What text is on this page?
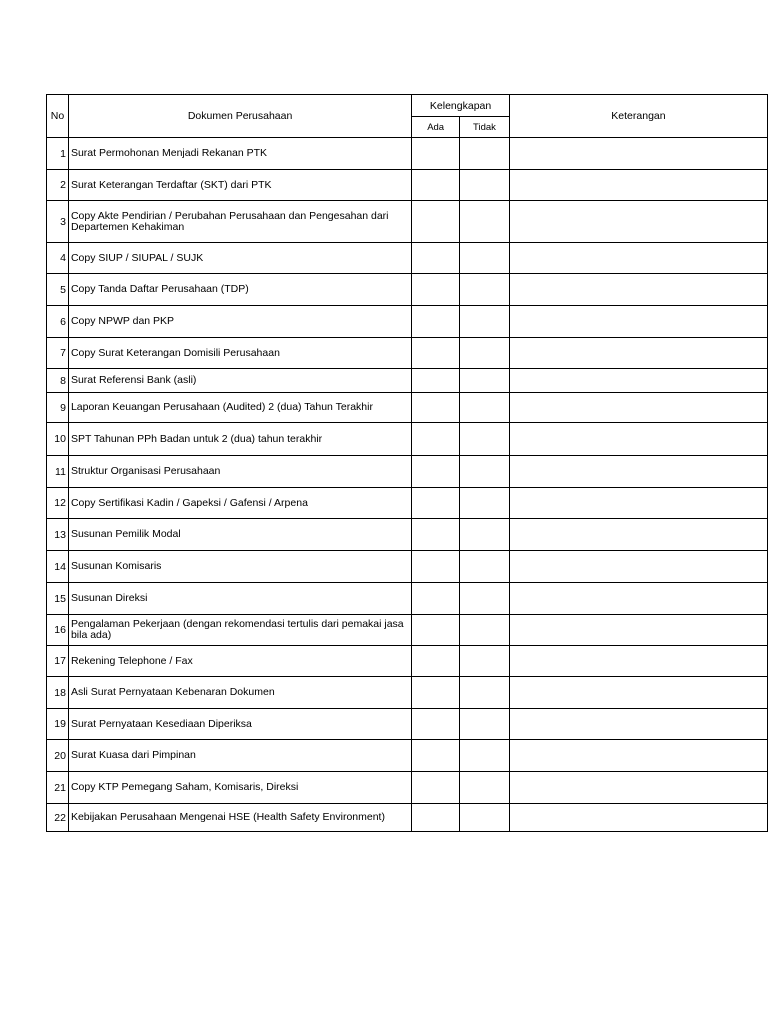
No	Dokumen Perusahaan	Kelengkapan		Keterangan
		Ada	Tidak	
1	Surat Permohonan Menjadi Rekanan PTK			
2	Surat Keterangan Terdaftar (SKT) dari PTK			
3	Copy Akte Pendirian / Perubahan Perusahaan dan Pengesahan dari Departemen Kehakiman			
4	Copy SIUP / SIUPAL / SUJK			
5	Copy Tanda Daftar Perusahaan (TDP)			
6	Copy NPWP dan PKP			
7	Copy Surat Keterangan Domisili Perusahaan			
8	Surat Referensi Bank (asli)			
9	Laporan Keuangan Perusahaan (Audited) 2 (dua) Tahun Terakhir			
10	SPT Tahunan PPh Badan untuk 2 (dua) tahun terakhir			
11	Struktur Organisasi Perusahaan			
12	Copy Sertifikasi Kadin / Gapeksi / Gafensi / Arpena			
13	Susunan Pemilik Modal			
14	Susunan Komisaris			
15	Susunan Direksi			
16	Pengalaman Pekerjaan (dengan rekomendasi tertulis dari pemakai jasa bila ada)			
17	Rekening Telephone / Fax			
18	Asli Surat Pernyataan Kebenaran Dokumen			
19	Surat Pernyataan Kesediaan Diperiksa			
20	Surat Kuasa dari Pimpinan			
21	Copy KTP Pemegang Saham, Komisaris, Direksi			
22	Kebijakan Perusahaan Mengenai HSE (Health Safety Environment)			
